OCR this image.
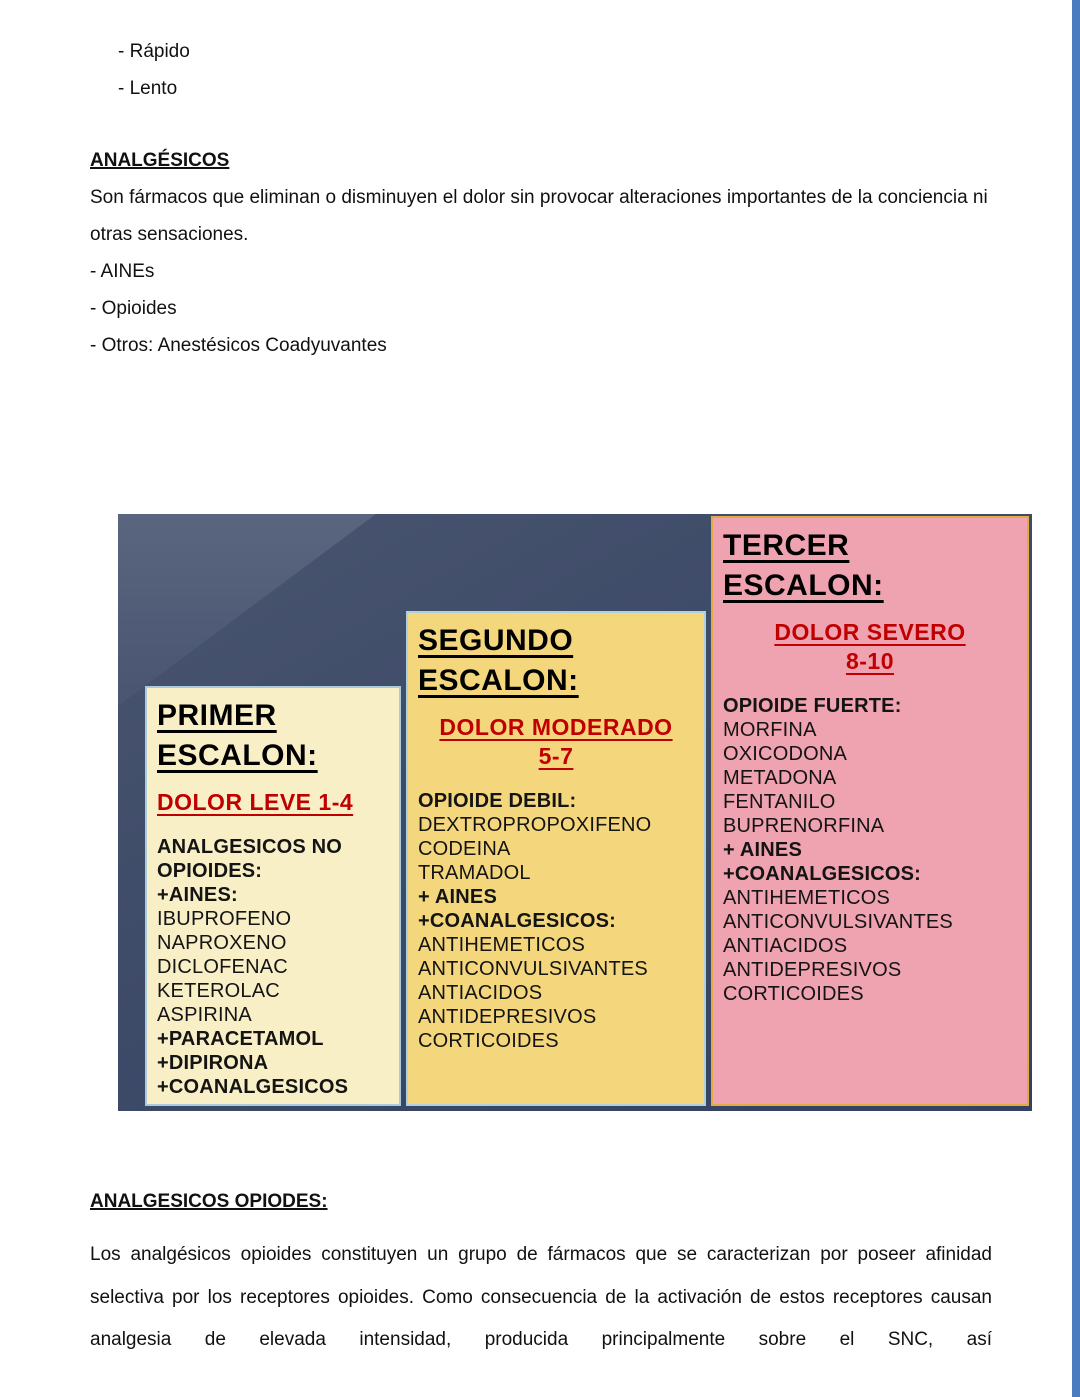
- Rápido

- Lento

ANALGÉSICOS

Son fármacos que eliminan o disminuyen el dolor sin provocar alteraciones importantes de la conciencia ni otras sensaciones.

- AINEs

- Opioides

- Otros: Anestésicos Coadyuvantes

PRIMER
ESCALON:
DOLOR LEVE 1-4
ANALGESICOS NO
OPIOIDES:
+AINES:
IBUPROFENO
NAPROXENO
DICLOFENAC
KETEROLAC
ASPIRINA
+PARACETAMOL
+DIPIRONA
+COANALGESICOS
SEGUNDO
ESCALON:
DOLOR MODERADO
5-7
OPIOIDE DEBIL:
DEXTROPROPOXIFENO
CODEINA
TRAMADOL
+ AINES
+COANALGESICOS:
ANTIHEMETICOS
ANTICONVULSIVANTES
ANTIACIDOS
ANTIDEPRESIVOS
CORTICOIDES
TERCER
ESCALON:
DOLOR SEVERO
8-10
OPIOIDE FUERTE:
MORFINA
OXICODONA
METADONA
FENTANILO
BUPRENORFINA
+ AINES
+COANALGESICOS:
ANTIHEMETICOS
ANTICONVULSIVANTES
ANTIACIDOS
ANTIDEPRESIVOS
CORTICOIDES
ANALGESICOS OPIODES:

Los analgésicos opioides constituyen un grupo de fármacos que se caracterizan por poseer afinidad selectiva por los receptores opioides. Como consecuencia de la activación de estos receptores causan analgesia de elevada intensidad, producida principalmente sobre el SNC, así
